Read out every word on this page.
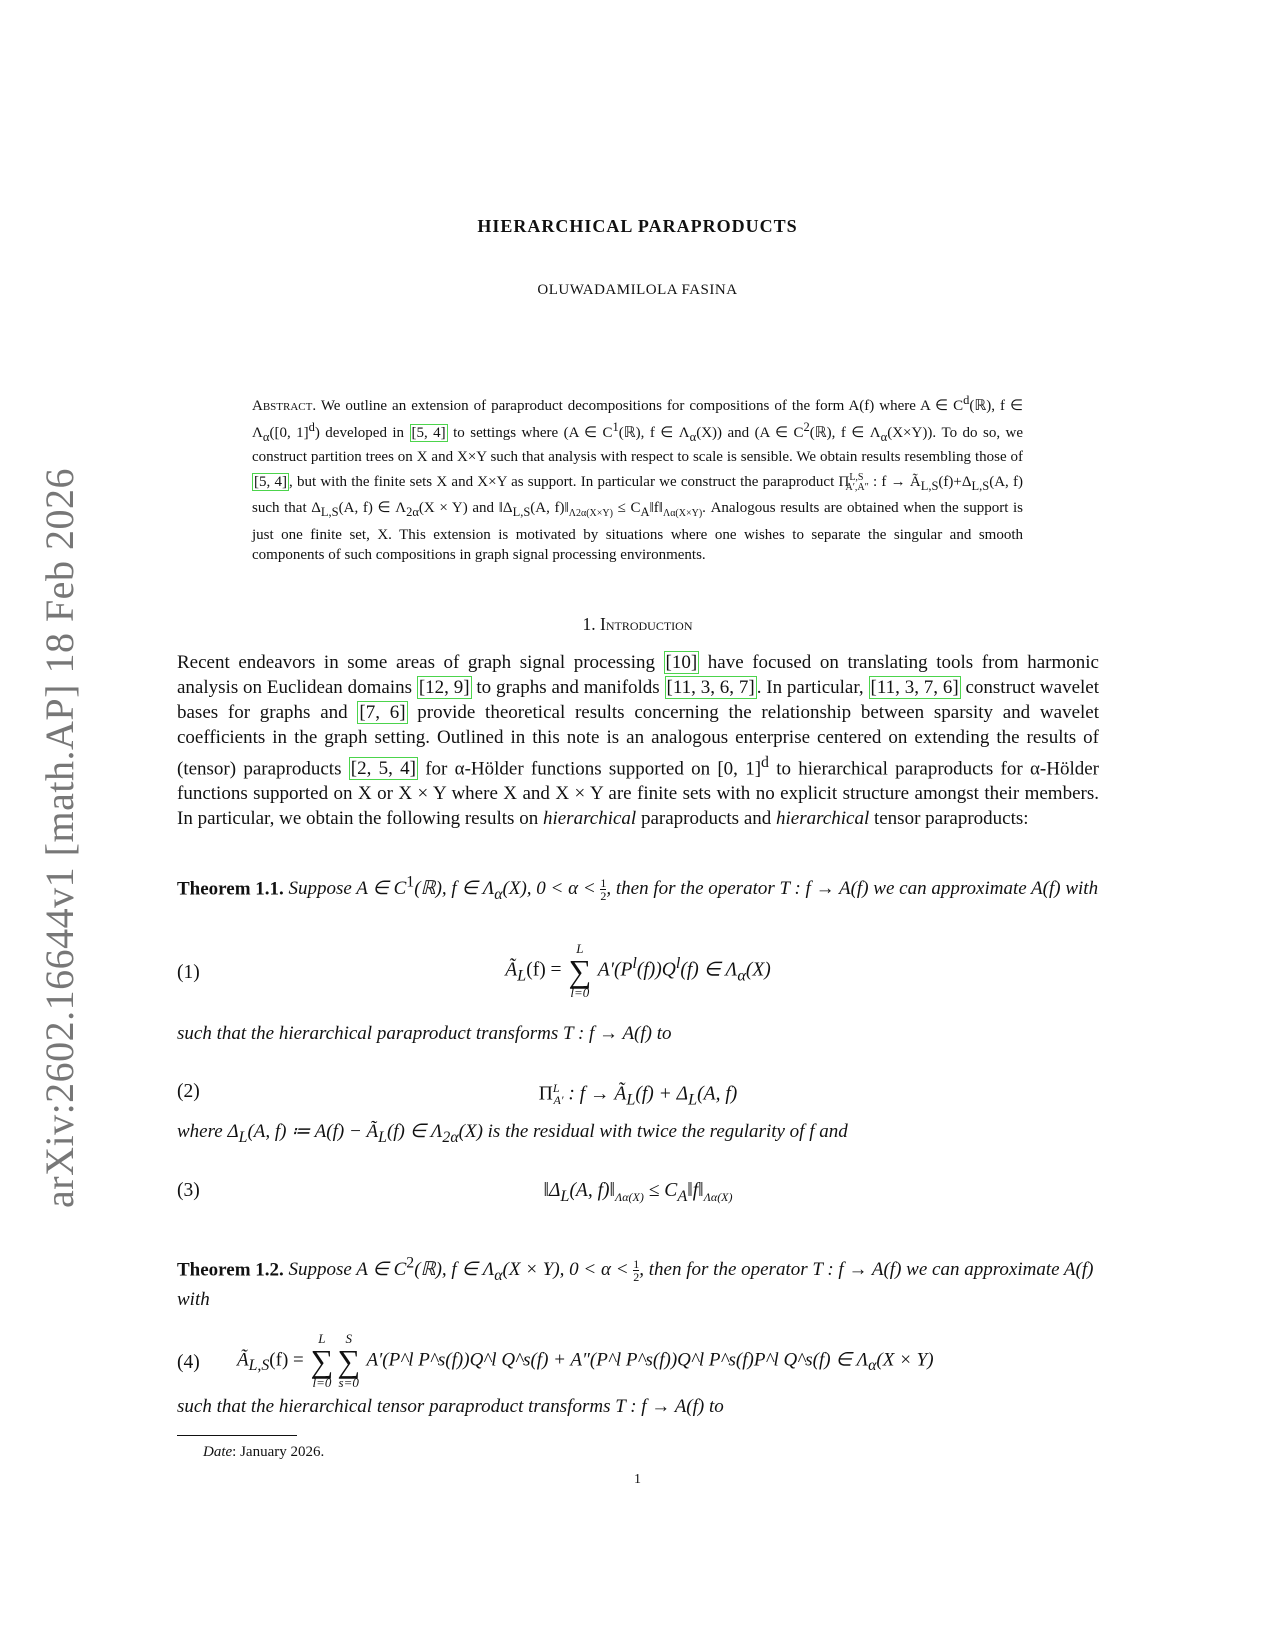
arXiv:2602.16644v1 [math.AP] 18 Feb 2026
HIERARCHICAL PARAPRODUCTS
OLUWADAMILOLA FASINA
Abstract. We outline an extension of paraproduct decompositions for compositions of the form A(f) where A ∈ $C^d(ℝ)$, f ∈ $\Lambda_\alpha([0$, 1]$^d$) developed in [5, 4] to settings where (A ∈ $C^1(ℝ)$, f ∈ $\Lambda_\alpha(X)$) and (A ∈ $C^2(ℝ)$, f ∈ $\Lambda_\alpha(X\times Y)$). To do so, we construct partition trees on X and X×Y such that analysis with respect to scale is sensible. We obtain results resembling those of [5, 4] , but with the finite sets X and X×Y as support. In particular we construct the paraproduct $\Pi^{L,S}_{A',A''}$ : $f \to Ã_{L,S}(f)+\Delta_{L,S}(A$, f) such that $\Delta_{L,S}(A$, f) ∈ $\Lambda_{2\alpha}(X \times Y)$ and $‖\Delta_{L,S}(A$, $f)‖_{\Lambda 2\alpha(X\times Y)}$ ≤ $C_A‖f‖_{\Lambda\alpha(X\times Y)}$. Analogous results are obtained when the support is just one finite set, X. This extension is motivated by situations where one wishes to separate the singular and smooth components of such compositions in graph signal processing environments.
1. Introduction
Recent endeavors in some areas of graph signal processing [10] have focused on translating tools from harmonic analysis on Euclidean domains [12, 9] to graphs and manifolds [11, 3, 6, 7] . In particular, [11, 3, 7, 6] construct wavelet bases for graphs and [7, 6] provide theoretical results concerning the relationship between sparsity and wavelet coefficients in the graph setting. Outlined in this note is an analogous enterprise centered on extending the results of (tensor) paraproducts [2, 5, 4] for α-Hölder functions supported on [0, 1]$^d$ to hierarchical paraproducts for α-Hölder functions supported on X or X × Y where X and X × Y are finite sets with no explicit structure amongst their members. In particular, we obtain the following results on hierarchical paraproducts and hierarchical tensor paraproducts:
Theorem 1.1. Suppose A ∈ $C^1(ℝ)$, f ∈ $\Lambda_\alpha(X)$, $0 < \alpha < \frac{1}{2}$ , then for the operator T : f → A(f) we can approximate A(f) with
(1)	$Ã_L(f)$ =
L
∑
l=0
$A'(P^l(f))Q^l(f)$ ∈ $\Lambda_\alpha(X)$
such that the hierarchical paraproduct transforms T : f → A(f) to
(2)	$\Pi^L_{A'}$ : $f \to Ã_L(f) + \Delta_L(A$, f)
where $\Delta_L(A$, f) ≔ $A(f) - Ã_L(f)$ ∈ $\Lambda_{2\alpha}(X)$ is the residual with twice the regularity of f and
(3)	$‖\Delta_L(A$, $f)‖_{\Lambda\alpha(X)}$ ≤ $C_A‖f‖_{\Lambda\alpha(X)}$
Theorem 1.2. Suppose A ∈ $C^2(ℝ)$, f ∈ $\Lambda_\alpha(X \times Y)$, $0 < \alpha < \frac{1}{2}$ , then for the operator T : f → A(f) we can approximate A(f) with
(4) $Ã_{L,S}(f)$ =
L
∑
l=0
S
∑
s=0
A′(P^l P^s(f))Q^l Q^s(f) + A″(P^l P^s(f))Q^l P^s(f)P^l Q^s(f) ∈ $\Lambda_\alpha(X \times Y)$
such that the hierarchical tensor paraproduct transforms T : f → A(f) to
Date: January 2026.
1
